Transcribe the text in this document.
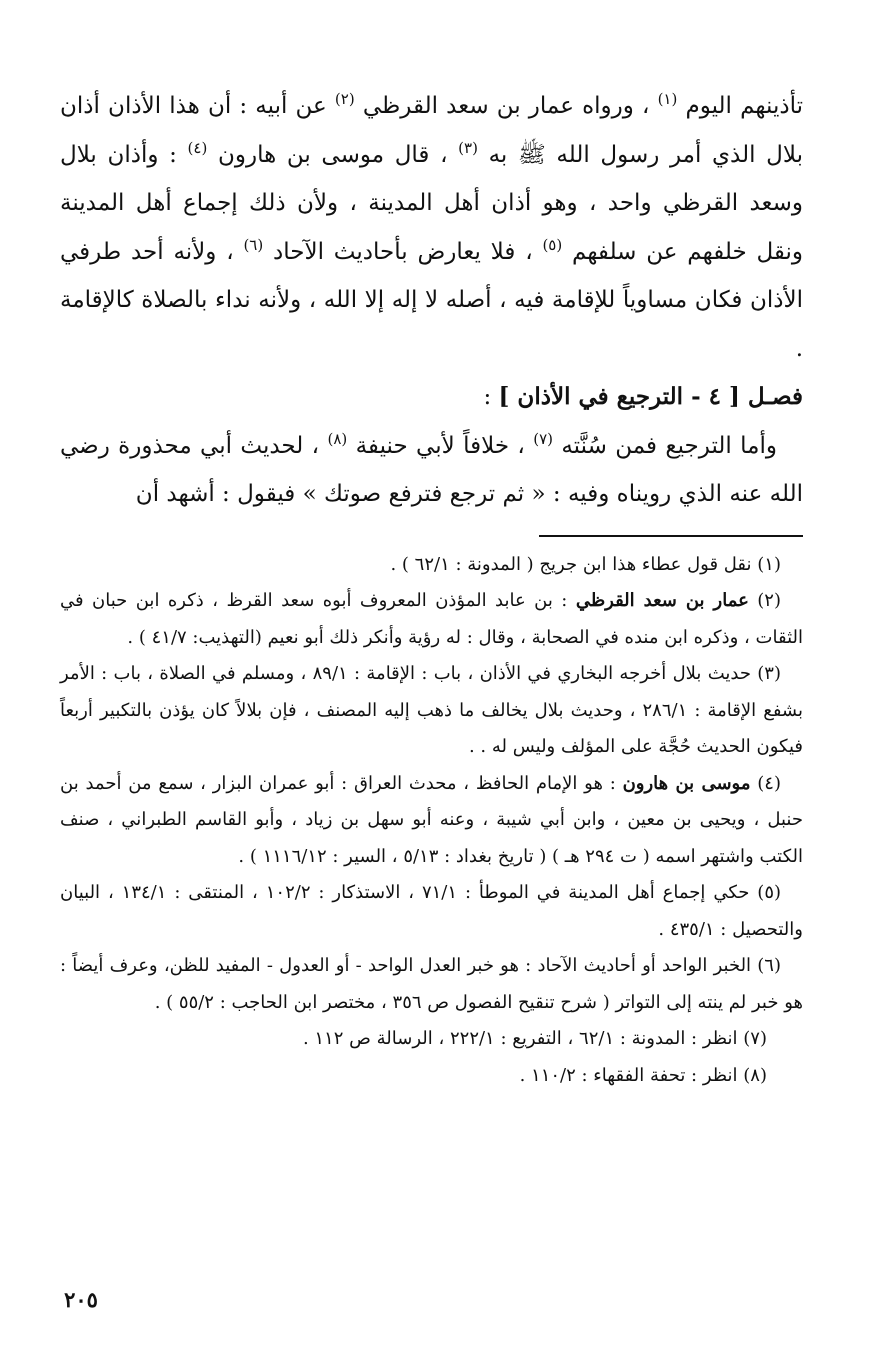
تأذينهم اليوم $^{(١)}$ ، ورواه عمار بن سعد القرظي $^{(٢)}$ عن أبيه : أن هذا الأذان أذان بلال الذي أمر رسول الله ﷺ به $^{(٣)}$ ، قال موسى بن هارون $^{(٤)}$ : وأذان بلال وسعد القرظي واحد ، وهو أذان أهل المدينة ، ولأن ذلك إجماع أهل المدينة ونقل خلفهم عن سلفهم $^{(٥)}$ ، فلا يعارض بأحاديث الآحاد $^{(٦)}$ ، ولأنه أحد طرفي الأذان فكان مساوياً للإقامة فيه ، أصله لا إله إلا الله ، ولأنه نداء بالصلاة كالإقامة .

فصـل [ ٤ - الترجيع في الأذان ] :

وأما الترجيع فمن سُنَّته $^{(٧)}$ ، خلافاً لأبي حنيفة $^{(٨)}$ ، لحديث أبي محذورة رضي الله عنه الذي رويناه وفيه : « ثم ترجع فترفع صوتك » فيقول : أشهد أن

(١) نقل قول عطاء هذا ابن جريج ( المدونة : ٦٢/١ ) .

(٢) عمار بن سعد القرظي : بن عابد المؤذن المعروف أبوه سعد القرظ ، ذكره ابن حبان في الثقات ، وذكره ابن منده في الصحابة ، وقال : له رؤية وأنكر ذلك أبو نعيم (التهذيب: ٤١/٧ ) .

(٣) حديث بلال أخرجه البخاري في الأذان ، باب : الإقامة : ٨٩/١ ، ومسلم في الصلاة ، باب : الأمر بشفع الإقامة : ٢٨٦/١ ، وحديث بلال يخالف ما ذهب إليه المصنف ، فإن بلالاً كان يؤذن بالتكبير أربعاً فيكون الحديث حُجَّة على المؤلف وليس له . .

(٤) موسى بن هارون : هو الإمام الحافظ ، محدث العراق : أبو عمران البزار ، سمع من أحمد بن حنبل ، ويحيى بن معين ، وابن أبي شيبة ، وعنه أبو سهل بن زياد ، وأبو القاسم الطبراني ، صنف الكتب واشتهر اسمه ( ت ٢٩٤ هـ ) ( تاريخ بغداد : ٥/١٣ ، السير : ١١١٦/١٢ ) .

(٥) حكي إجماع أهل المدينة في الموطأ : ٧١/١ ، الاستذكار : ١٠٢/٢ ، المنتقى : ١٣٤/١ ، البيان والتحصيل : ٤٣٥/١ .

(٦) الخبر الواحد أو أحاديث الآحاد : هو خبر العدل الواحد - أو العدول - المفيد للظن، وعرف أيضاً : هو خبر لم ينته إلى التواتر ( شرح تنقيح الفصول ص ٣٥٦ ، مختصر ابن الحاجب : ٥٥/٢ ) .

(٧) انظر : المدونة : ٦٢/١ ، التفريع : ٢٢٢/١ ، الرسالة ص ١١٢ .

(٨) انظر : تحفة الفقهاء : ١١٠/٢ .

٢٠٥
